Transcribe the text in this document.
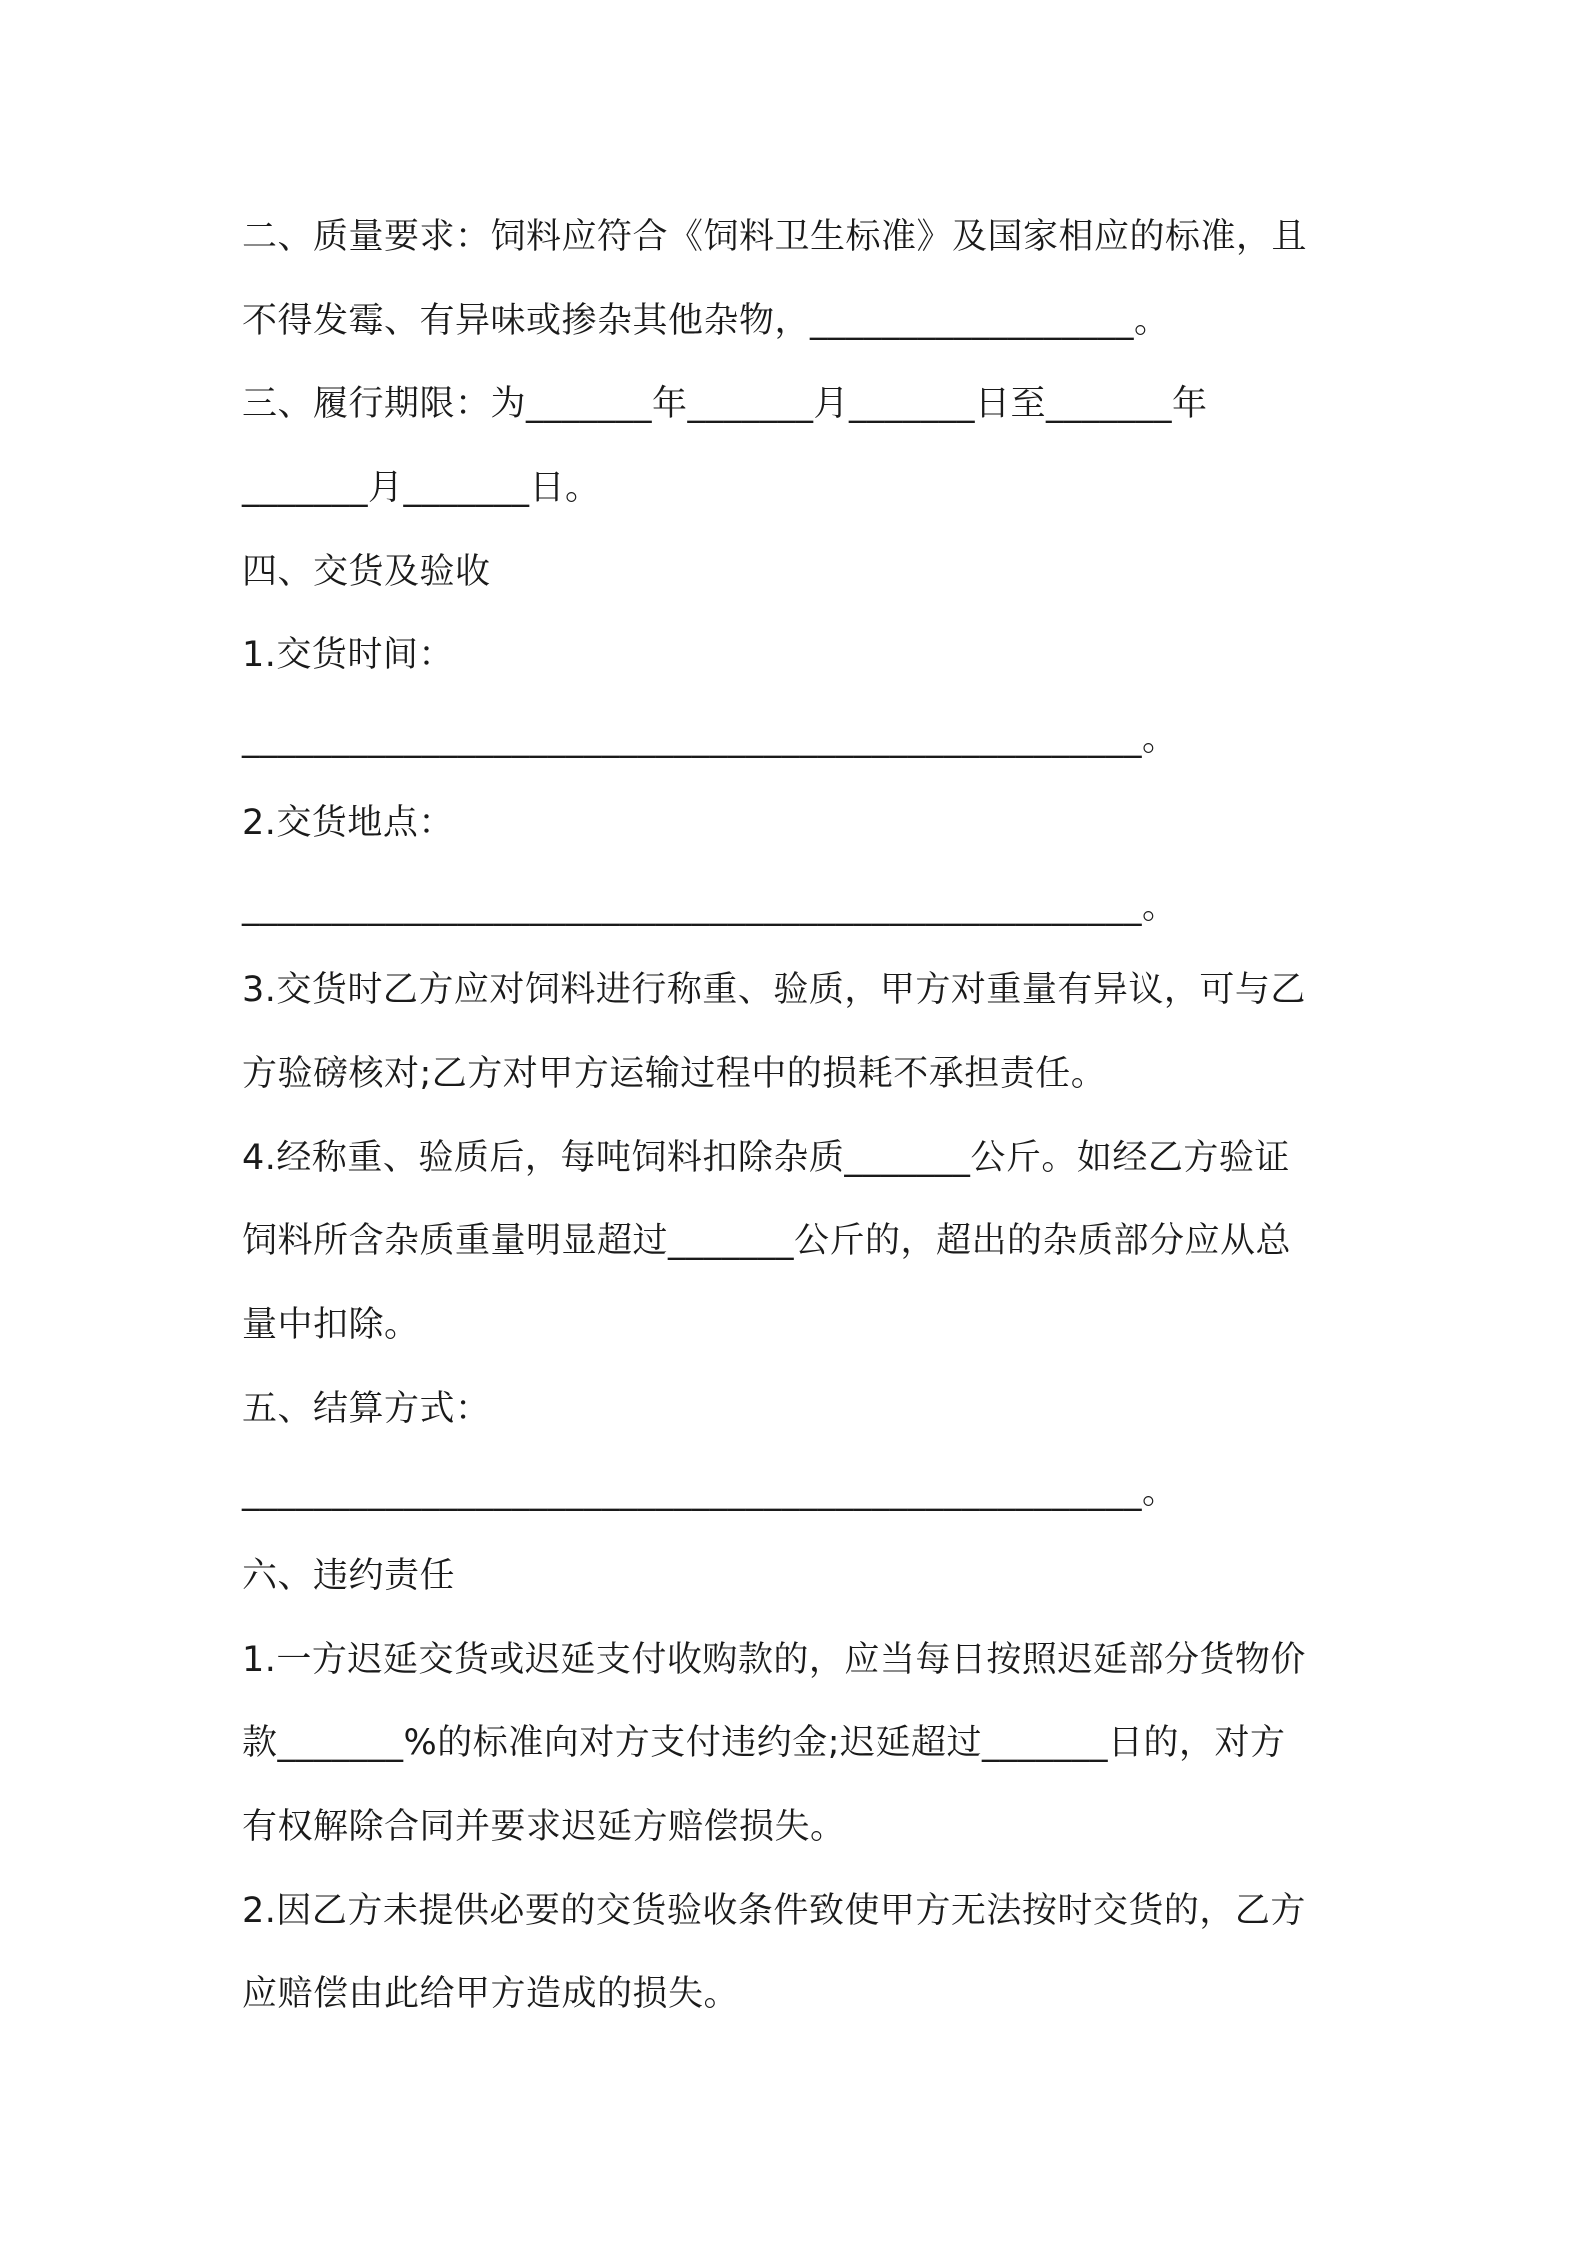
二、质量要求：饲料应符合《饲料卫生标准》及国家相应的标准，且
不得发霉、有异味或掺杂其他杂物，__________________。
三、履行期限：为_______年_______月_______日至_______年
_______月_______日。
四、交货及验收
1.交货时间：
__________________________________________________。
2.交货地点：
__________________________________________________。
3.交货时乙方应对饲料进行称重、验质，甲方对重量有异议，可与乙
方验磅核对;乙方对甲方运输过程中的损耗不承担责任。
4.经称重、验质后，每吨饲料扣除杂质_______公斤。如经乙方验证
饲料所含杂质重量明显超过_______公斤的，超出的杂质部分应从总
量中扣除。
五、结算方式：
__________________________________________________。
六、违约责任
1.一方迟延交货或迟延支付收购款的，应当每日按照迟延部分货物价
款_______%的标准向对方支付违约金;迟延超过_______日的，对方
有权解除合同并要求迟延方赔偿损失。
2.因乙方未提供必要的交货验收条件致使甲方无法按时交货的，乙方
应赔偿由此给甲方造成的损失。
